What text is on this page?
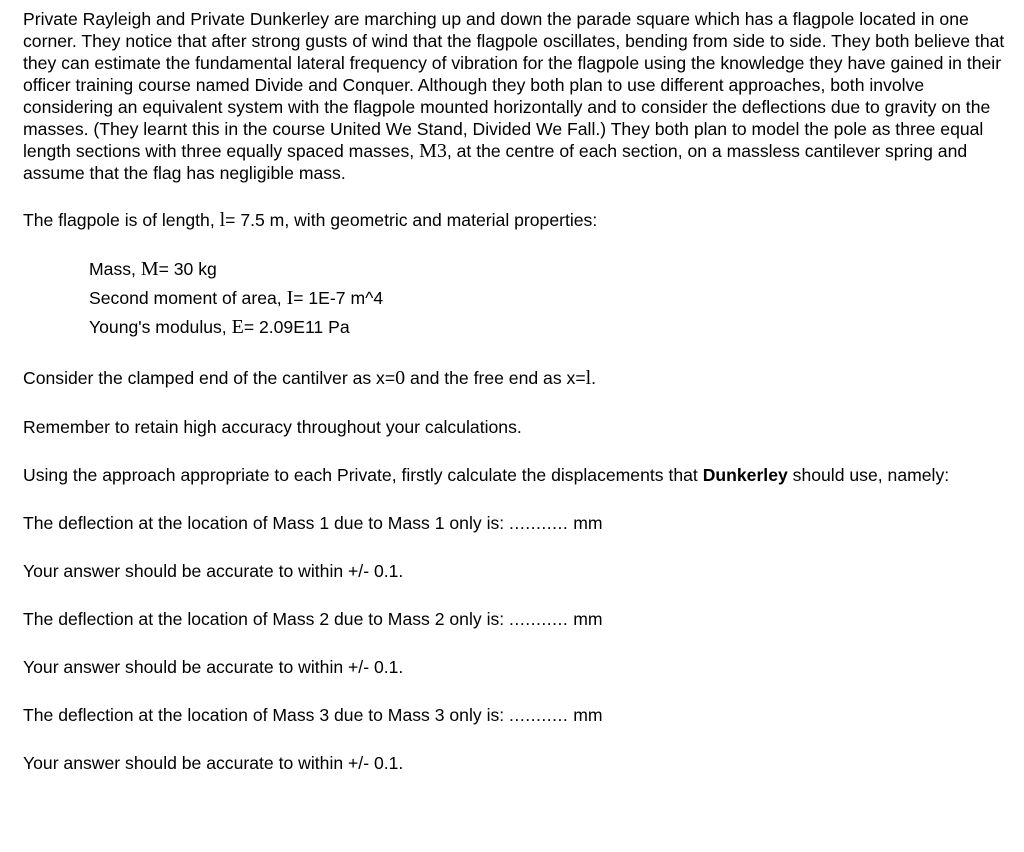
Private Rayleigh and Private Dunkerley are marching up and down the parade square which has a flagpole located in one corner. They notice that after strong gusts of wind that the flagpole oscillates, bending from side to side. They both believe that they can estimate the fundamental lateral frequency of vibration for the flagpole using the knowledge they have gained in their officer training course named Divide and Conquer. Although they both plan to use different approaches, both involve considering an equivalent system with the flagpole mounted horizontally and to consider the deflections due to gravity on the masses. (They learnt this in the course United We Stand, Divided We Fall.) They both plan to model the pole as three equal length sections with three equally spaced masses, M3, at the centre of each section, on a massless cantilever spring and assume that the flag has negligible mass.

The flagpole is of length, l= 7.5 m, with geometric and material properties:

Mass, M= 30 kg
Second moment of area, I= 1E-7 m^4
Young's modulus, E= 2.09E11 Pa

Consider the clamped end of the cantilver as x=0 and the free end as x=l.

Remember to retain high accuracy throughout your calculations.

Using the approach appropriate to each Private, firstly calculate the displacements that Dunkerley should use, namely:

The deflection at the location of Mass 1 due to Mass 1 only is: ........... mm

Your answer should be accurate to within +/- 0.1.

The deflection at the location of Mass 2 due to Mass 2 only is: ........... mm

Your answer should be accurate to within +/- 0.1.

The deflection at the location of Mass 3 due to Mass 3 only is: ........... mm

Your answer should be accurate to within +/- 0.1.
